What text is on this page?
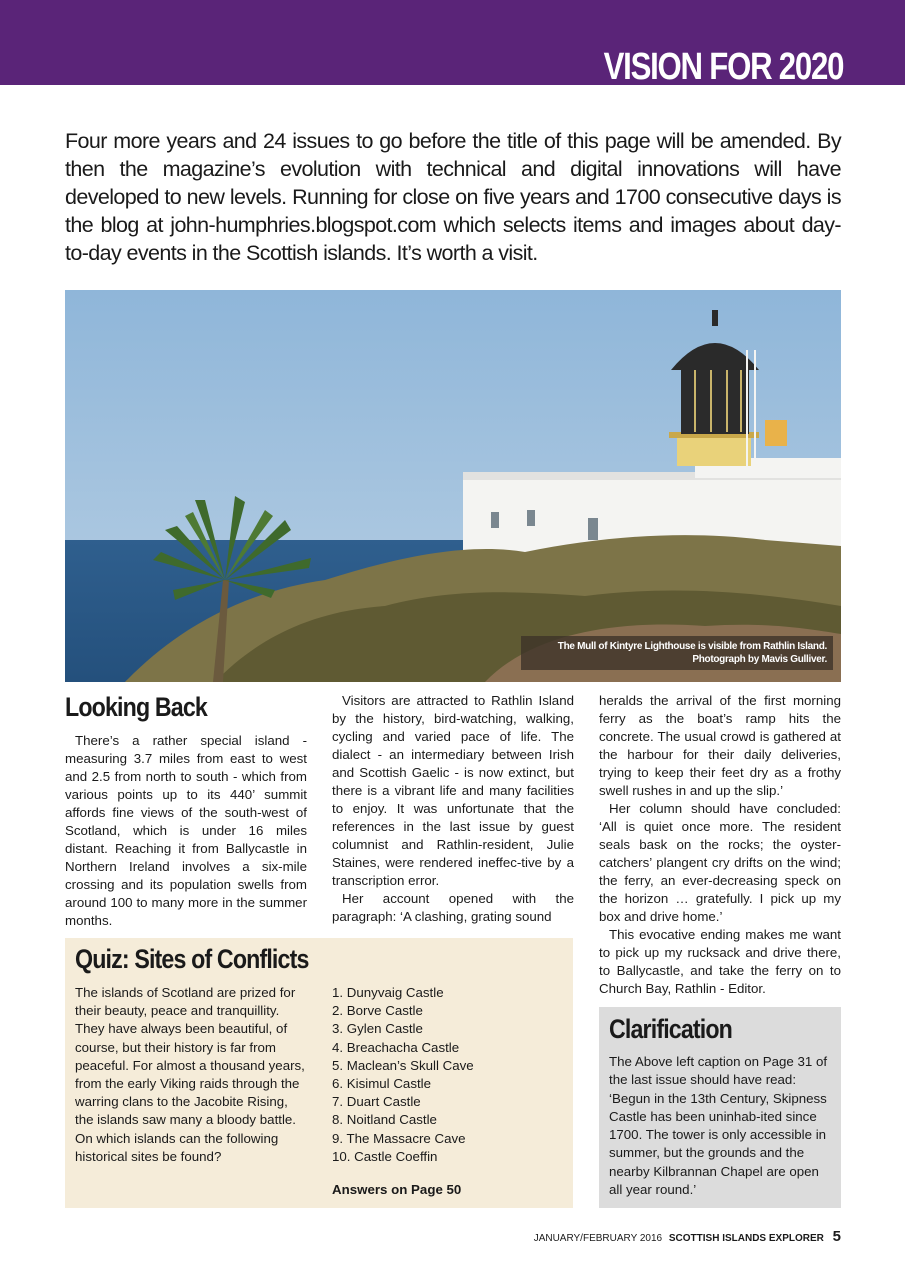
VISION FOR 2020
Four more years and 24 issues to go before the title of this page will be amended. By then the magazine’s evolution with technical and digital innovations will have developed to new levels. Running for close on five years and 1700 consecutive days is the blog at john-humphries.blogspot.com which selects items and images about day-to-day events in the Scottish islands. It’s worth a visit.
The Mull of Kintyre Lighthouse is visible from Rathlin Island.
Photograph by Mavis Gulliver.
Looking Back

There’s a rather special island - measuring 3.7 miles from east to west and 2.5 from north to south - which from various points up to its 440’ summit affords fine views of the south-west of Scotland, which is under 16 miles distant. Reaching it from Ballycastle in Northern Ireland involves a six-mile crossing and its population swells from around 100 to many more in the summer months.

Visitors are attracted to Rathlin Island by the history, bird-watching, walking, cycling and varied pace of life. The dialect - an intermediary between Irish and Scottish Gaelic - is now extinct, but there is a vibrant life and many facilities to enjoy. It was unfortunate that the references in the last issue by guest columnist and Rathlin-resident, Julie Staines, were rendered ineffec-tive by a transcription error.

Her account opened with the paragraph: ‘A clashing, grating sound

heralds the arrival of the first morning ferry as the boat’s ramp hits the concrete. The usual crowd is gathered at the harbour for their daily deliveries, trying to keep their feet dry as a frothy swell rushes in and up the slip.’

Her column should have concluded: ‘All is quiet once more. The resident seals bask on the rocks; the oyster-catchers’ plangent cry drifts on the wind; the ferry, an ever-decreasing speck on the horizon … gratefully. I pick up my box and drive home.’

This evocative ending makes me want to pick up my rucksack and drive there, to Ballycastle, and take the ferry on to Church Bay, Rathlin - Editor.

Quiz: Sites of Conflicts
The islands of Scotland are prized for their beauty, peace and tranquillity. They have always been beautiful, of course, but their history is far from peaceful. For almost a thousand years, from the early Viking raids through the warring clans to the Jacobite Rising, the islands saw many a bloody battle. On which islands can the following historical sites be found?
1. Dunyvaig Castle
2. Borve Castle
3. Gylen Castle
4. Breachacha Castle
5. Maclean’s Skull Cave
6. Kisimul Castle
7. Duart Castle
8. Noitland Castle
9. The Massacre Cave
10. Castle Coeffin
Answers on Page 50
Clarification
The Above left caption on Page 31 of the last issue should have read: ‘Begun in the 13th Century, Skipness Castle has been uninhab-ited since 1700. The tower is only accessible in summer, but the grounds and the nearby Kilbrannan Chapel are open all year round.’
JANUARY/FEBRUARY 2016 SCOTTISH ISLANDS EXPLORER 5
